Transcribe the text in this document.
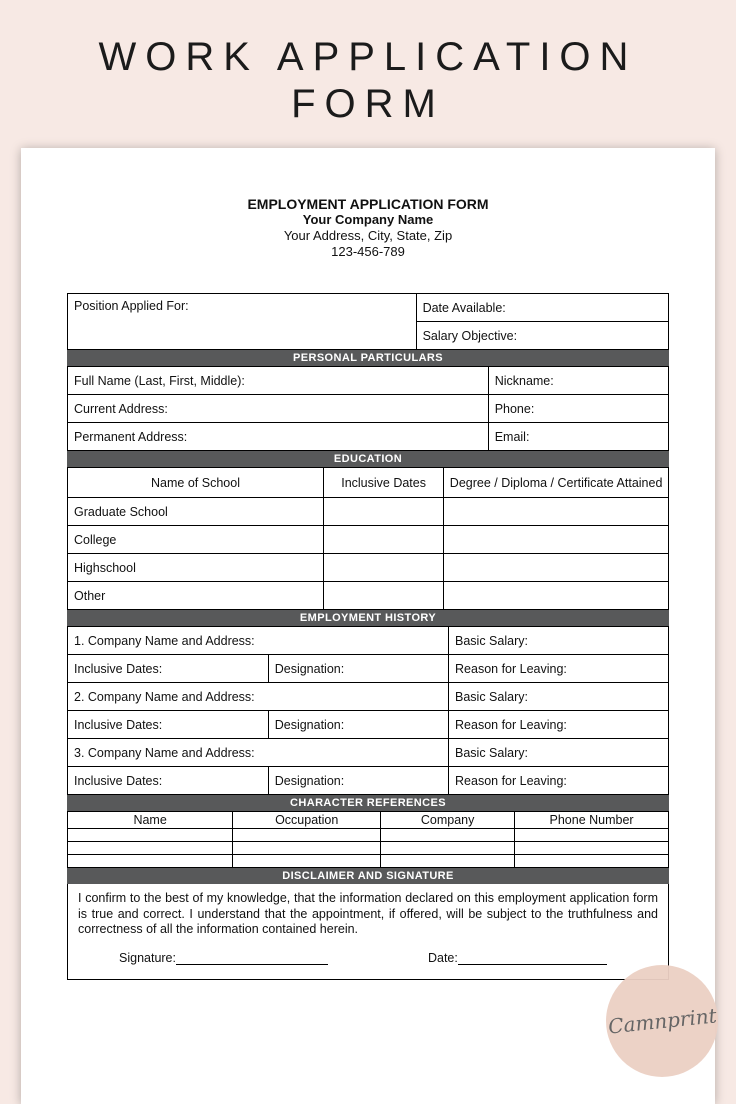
WORK APPLICATION
FORM
EMPLOYMENT APPLICATION FORM
Your Company Name
Your Address, City, State, Zip
123-456-789
Position Applied For:	Date Available:
Salary Objective:
PERSONAL PARTICULARS
Full Name (Last, First, Middle):	Nickname:
Current Address:	Phone:
Permanent Address:	Email:
EDUCATION
Name of School	Inclusive Dates	Degree / Diploma / Certificate Attained
Graduate School		
College		
Highschool		
Other		
EMPLOYMENT HISTORY
1. Company Name and Address:		Basic Salary:
Inclusive Dates:	Designation:	Reason for Leaving:
2. Company Name and Address:		Basic Salary:
Inclusive Dates:	Designation:	Reason for Leaving:
3. Company Name and Address:		Basic Salary:
Inclusive Dates:	Designation:	Reason for Leaving:
CHARACTER REFERENCES
Name	Occupation	Company	Phone Number

DISCLAIMER AND SIGNATURE
I confirm to the best of my knowledge, that the information declared on this employment application form is true and correct. I understand that the appointment, if offered, will be subject to the truthfulness and correctness of all the information contained herein.
Signature:	Date:
Camnprint
